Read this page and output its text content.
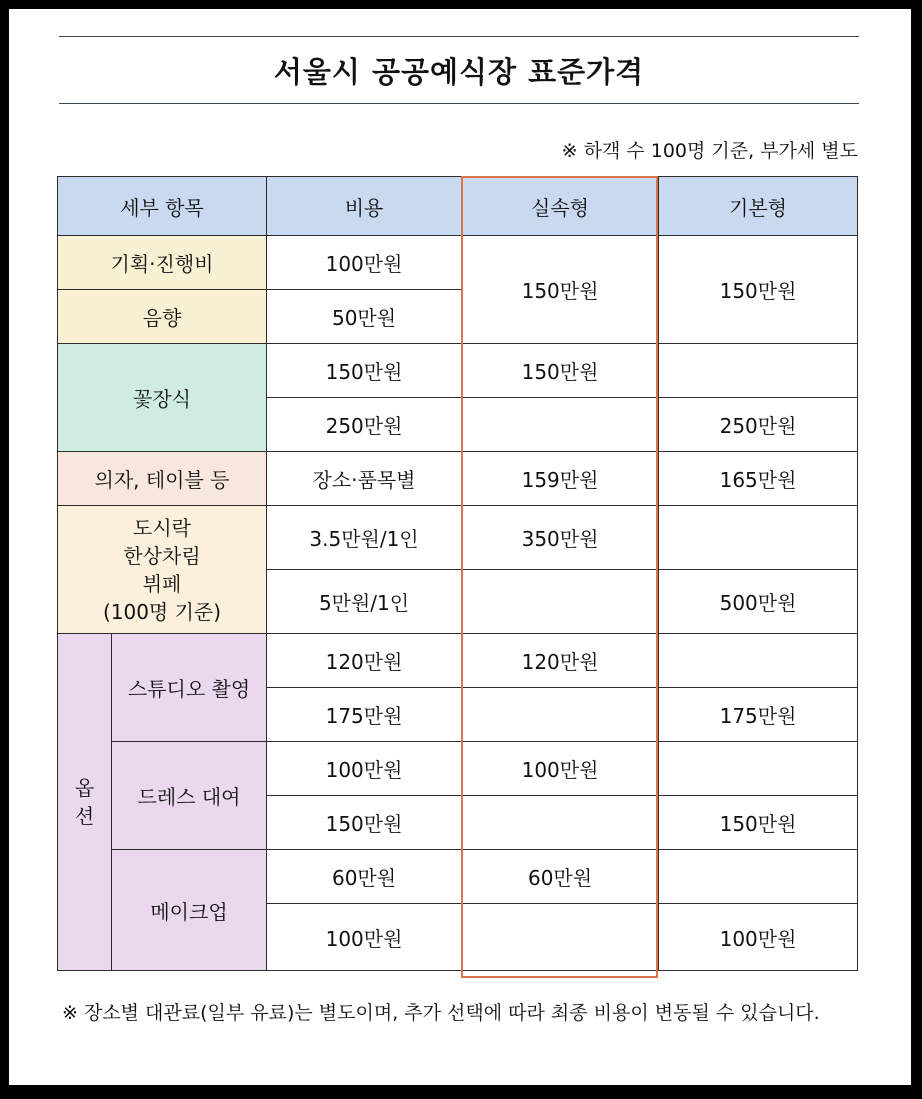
서울시 공공예식장 표준가격
※ 하객 수 100명 기준, 부가세 별도
세부 항목		비용	실속형	기본형
기획·진행비		100만원	150만원	150만원
음향		50만원		
꽃장식		150만원	150만원	
		250만원		250만원
의자, 테이블 등		장소·품목별	159만원	165만원

도시락
한상차림
뷔페
(100명 기준)		3.5만원/1인	350만원	
		5만원/1인		500만원

옵
션	스튜디오 촬영	120만원	120만원	
		175만원		175만원
	드레스 대여	100만원	100만원	
		150만원		150만원
	메이크업	60만원	60만원	
		100만원		100만원
※ 장소별 대관료(일부 유료)는 별도이며, 추가 선택에 따라 최종 비용이 변동될 수 있습니다.
